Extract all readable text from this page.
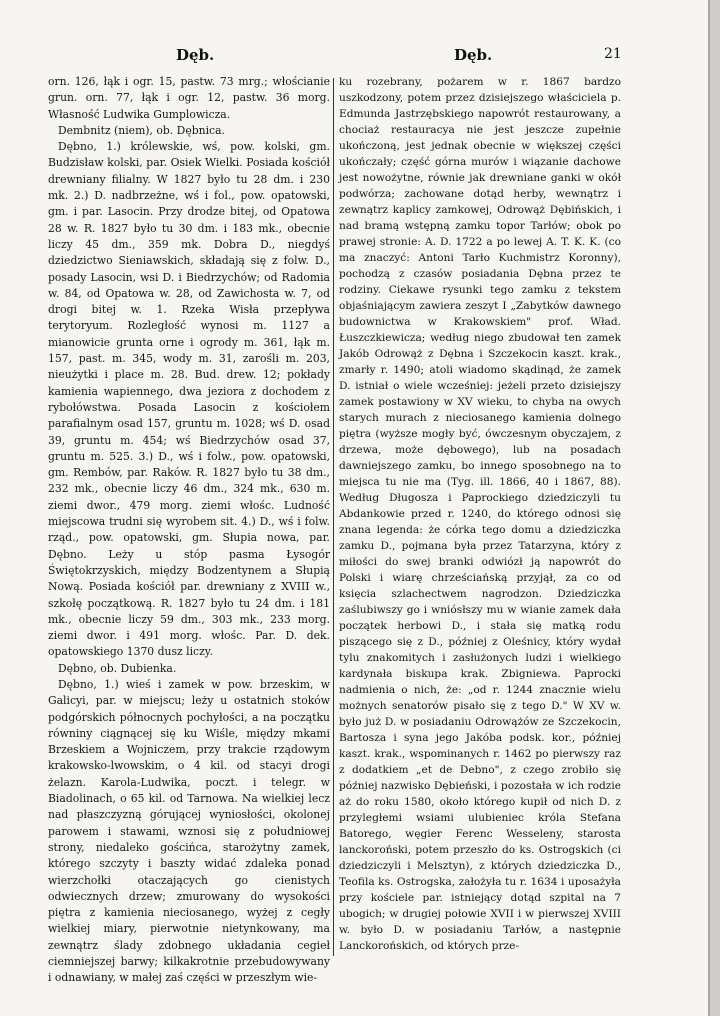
Dęb.	Dęb.	21

orn. 126, łąk i ogr. 15, pastw. 73 mrg.; włościanie grun. orn. 77, łąk i ogr. 12, pastw. 36 morg. Własność Ludwika Gumplowicza.

Dembnitz (niem), ob. Dębnica.

Dębno, 1.) królewskie, wś, pow. kolski, gm. Budzisław kolski, par. Osiek Wielki. Posiada kościół drewniany filialny. W 1827 było tu 28 dm. i 230 mk. 2.) D. nadbrzeżne, wś i fol., pow. opatowski, gm. i par. Lasocin. Przy drodze bitej, od Opatowa 28 w. R. 1827 było tu 30 dm. i 183 mk., obecnie liczy 45 dm., 359 mk. Dobra D., niegdyś dziedzictwo Sieniawskich, składają się z folw. D., posady Lasocin, wsi D. i Biedrzychów; od Radomia w. 84, od Opatowa w. 28, od Zawichosta w. 7, od drogi bitej w. 1. Rzeka Wisła przepływa terytoryum. Rozległość wynosi m. 1127 a mianowicie grunta orne i ogrody m. 361, łąk m. 157, past. m. 345, wody m. 31, zarośli m. 203, nieużytki i place m. 28. Bud. drew. 12; pokłady kamienia wapiennego, dwa jeziora z dochodem z rybołówstwa. Posada Lasocin z kościołem parafialnym osad 157, gruntu m. 1028; wś D. osad 39, gruntu m. 454; wś Biedrzychów osad 37, gruntu m. 525. 3.) D., wś i folw., pow. opatowski, gm. Rembów, par. Raków. R. 1827 było tu 38 dm., 232 mk., obecnie liczy 46 dm., 324 mk., 630 m. ziemi dwor., 479 morg. ziemi włośc. Ludność miejscowa trudni się wyrobem sit. 4.) D., wś i folw. rząd., pow. opatowski, gm. Słupia nowa, par. Dębno. Leży u stóp pasma Łysogór Świętokrzyskich, między Bodzentynem a Słupią Nową. Posiada kościół par. drewniany z XVIII w., szkołę początkową. R. 1827 było tu 24 dm. i 181 mk., obecnie liczy 59 dm., 303 mk., 233 morg. ziemi dwor. i 491 morg. włośc. Par. D. dek. opatowskiego 1370 dusz liczy.

Dębno, ob. Dubienka.

Dębno, 1.) wieś i zamek w pow. brzeskim, w Galicyi, par. w miejscu; leży u ostatnich stoków podgórskich północnych pochyłości, a na początku równiny ciągnącej się ku Wiśle, między mkami Brzeskiem a Wojniczem, przy trakcie rządowym krakowsko-lwowskim, o 4 kil. od stacyi drogi żelazn. Karola-Ludwika, poczt. i telegr. w Biadolinach, o 65 kil. od Tarnowa. Na wielkiej lecz nad płaszczyzną górującej wyniosłości, okolonej parowem i stawami, wznosi się z południowej strony, niedaleko gościńca, starożytny zamek, którego szczyty i baszty widać zdaleka ponad wierzchołki otaczających go cienistych odwiecznych drzew; zmurowany do wysokości piętra z kamienia nieciosanego, wyżej z cegły wielkiej miary, pierwotnie nietynkowany, ma zewnątrz ślady zdobnego układania cegieł ciemniejszej barwy; kilkakrotnie przebudowywany i odnawiany, w małej zaś części w przeszłym wie-

ku rozebrany, pożarem w r. 1867 bardzo uszkodzony, potem przez dzisiejszego właściciela p. Edmunda Jastrzębskiego napowrót restaurowany, a chociaż restauracya nie jest jeszcze zupełnie ukończoną, jest jednak obecnie w większej części ukończały; część górna murów i wiązanie dachowe jest nowożytne, równie jak drewniane ganki w okół podwórza; zachowane dotąd herby, wewnątrz i zewnątrz kaplicy zamkowej, Odrowąż Dębińskich, i nad bramą wstępną zamku topor Tarłów; obok po prawej stronie: A. D. 1722 a po lewej A. T. K. K. (co ma znaczyć: Antoni Tarło Kuchmistrz Koronny), pochodzą z czasów posiadania Dębna przez te rodziny. Ciekawe rysunki tego zamku z tekstem objaśniającym zawiera zeszyt I „Zabytków dawnego budownictwa w Krakowskiem" prof. Wład. Łuszczkiewicza; według niego zbudował ten zamek Jakób Odrowąż z Dębna i Szczekocin kaszt. krak., zmarły r. 1490; atoli wiadomo skądinąd, że zamek D. istniał o wiele wcześniej: jeżeli przeto dzisiejszy zamek postawiony w XV wieku, to chyba na owych starych murach z nieciosanego kamienia dolnego piętra (wyższe mogły być, ówczesnym obyczajem, z drzewa, może dębowego), lub na posadach dawniejszego zamku, bo innego sposobnego na to miejsca tu nie ma (Tyg. ill. 1866, 40 i 1867, 88). Według Długosza i Paprockiego dziedziczyli tu Abdankowie przed r. 1240, do którego odnosi się znana legenda: że córka tego domu a dziedziczka zamku D., pojmana była przez Tatarzyna, który z miłości do swej branki odwiózł ją napowrót do Polski i wiarę chrześciańską przyjął, za co od księcia szlachectwem nagrodzon. Dziedziczka zaślubiwszy go i wniósłszy mu w wianie zamek dała początek herbowi D., i stała się matką rodu piszącego się z D., później z Oleśnicy, który wydał tylu znakomitych i zasłużonych ludzi i wielkiego kardynała biskupa krak. Zbigniewa. Paprocki nadmienia o nich, że: „od r. 1244 znacznie wielu możnych senatorów pisało się z tego D." W XV w. było już D. w posiadaniu Odrowążów ze Szczekocin, Bartosza i syna jego Jakóba podsk. kor., później kaszt. krak., wspominanych r. 1462 po pierwszy raz z dodatkiem „et de Debno", z czego zrobiło się później nazwisko Dębieński, i pozostała w ich rodzie aż do roku 1580, około którego kupił od nich D. z przyległemi wsiami ulubieniec króla Stefana Batorego, węgier Ferenc Wesseleny, starosta lanckoroński, potem przeszło do ks. Ostrogskich (ci dziedziczyli i Melsztyn), z których dziedziczka D., Teofila ks. Ostrogska, założyła tu r. 1634 i uposażyła przy kościele par. istniejący dotąd szpital na 7 ubogich; w drugiej połowie XVII i w pierwszej XVIII w. było D. w posiadaniu Tarłów, a następnie Lanckorońskich, od których prze-
